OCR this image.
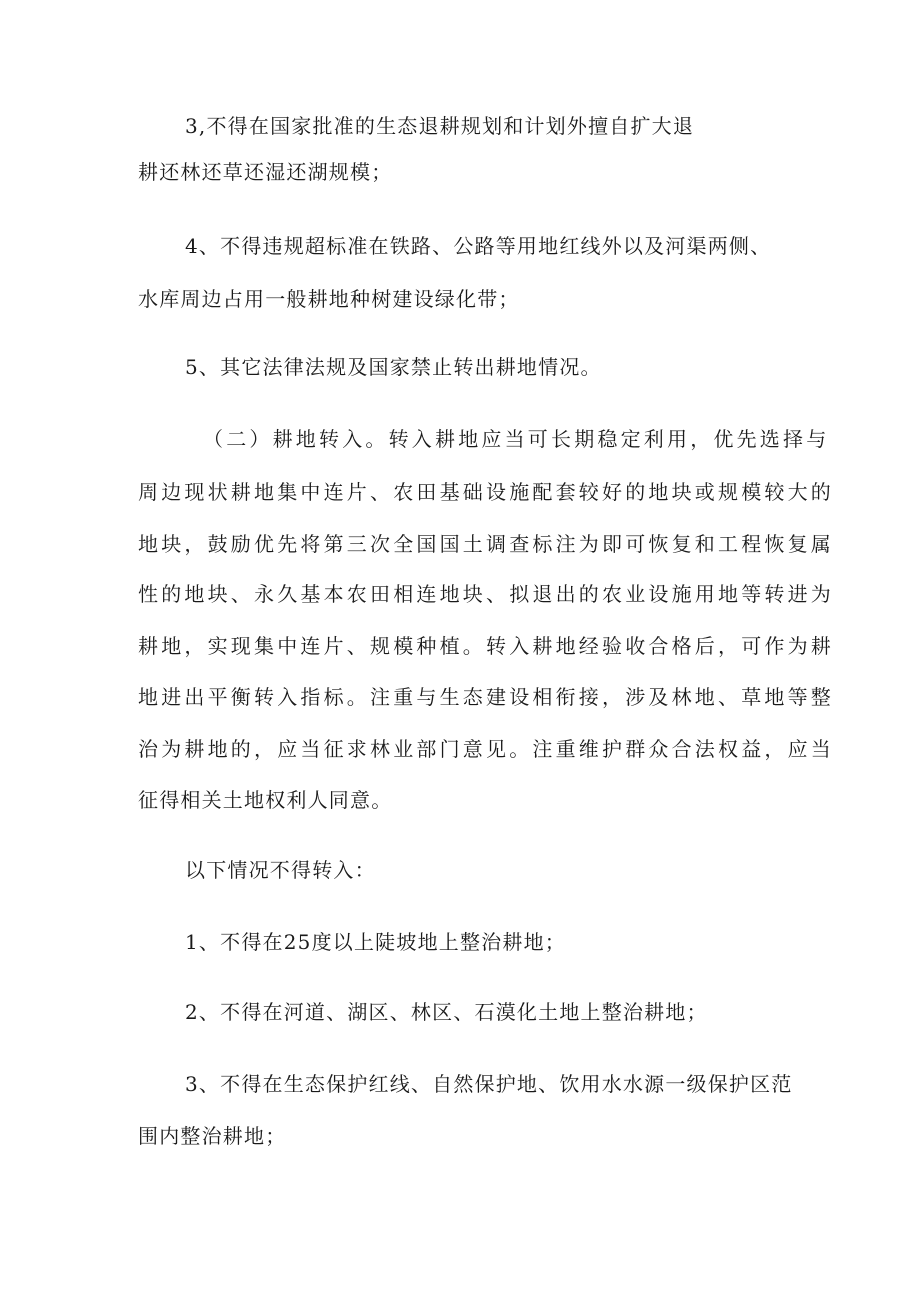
3,不得在国家批准的生态退耕规划和计划外擅自扩大退
耕还林还草还湿还湖规模；
4、不得违规超标准在铁路、公路等用地红线外以及河渠两侧、
水库周边占用一般耕地种树建设绿化带；
5、其它法律法规及国家禁止转出耕地情况。
（二）耕地转入。转入耕地应当可长期稳定利用，优先选择与
周边现状耕地集中连片、农田基础设施配套较好的地块或规模较大的
地块，鼓励优先将第三次全国国土调查标注为即可恢复和工程恢复属
性的地块、永久基本农田相连地块、拟退出的农业设施用地等转进为
耕地，实现集中连片、规模种植。转入耕地经验收合格后，可作为耕
地进出平衡转入指标。注重与生态建设相衔接，涉及林地、草地等整
治为耕地的，应当征求林业部门意见。注重维护群众合法权益，应当
征得相关土地权利人同意。
以下情况不得转入：
1、不得在25度以上陡坡地上整治耕地；
2、不得在河道、湖区、林区、石漠化土地上整治耕地；
3、不得在生态保护红线、自然保护地、饮用水水源一级保护区范
围内整治耕地；
